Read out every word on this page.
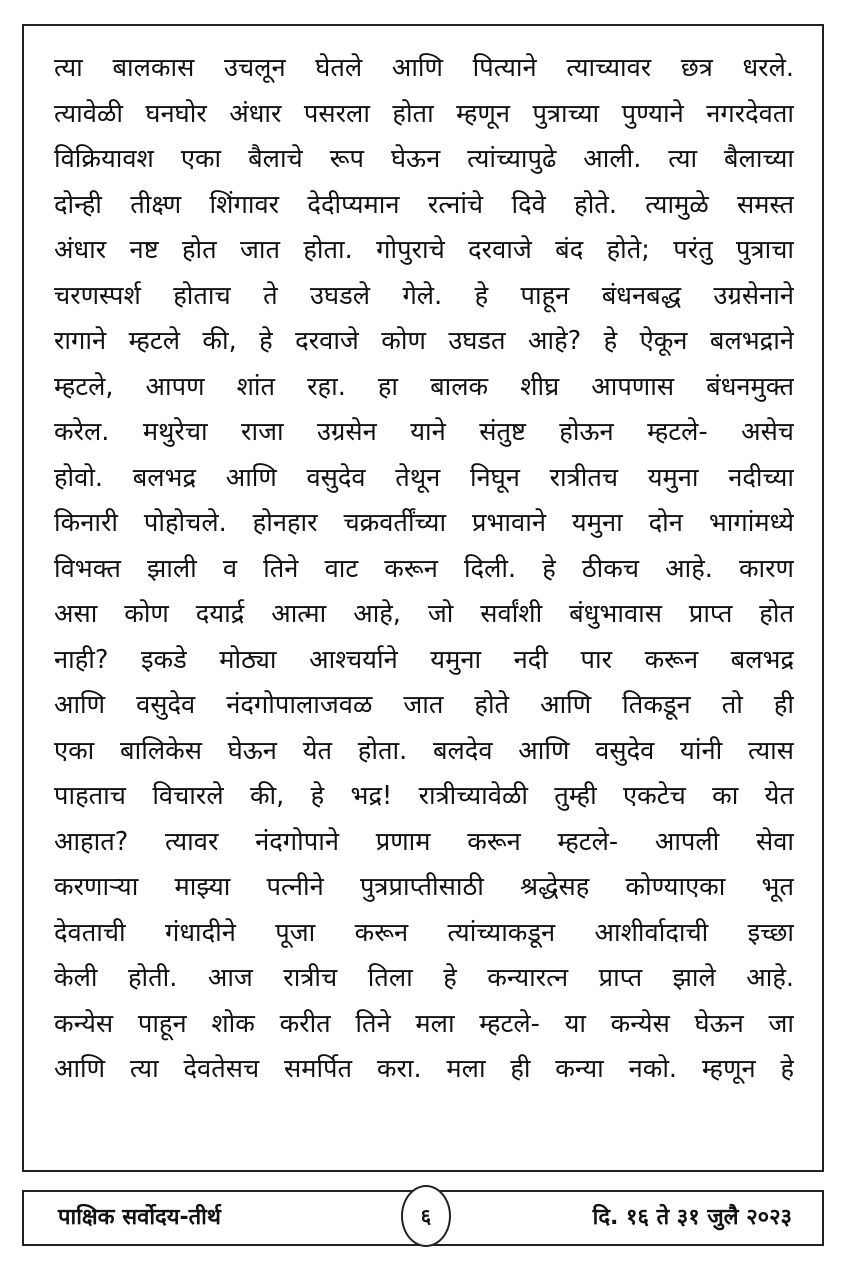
त्या बालकास उचलून घेतले आणि पित्याने त्याच्यावर छत्र धरले.
त्यावेळी घनघोर अंधार पसरला होता म्हणून पुत्राच्या पुण्याने नगरदेवता
विक्रियावश एका बैलाचे रूप घेऊन त्यांच्यापुढे आली. त्या बैलाच्या
दोन्ही तीक्ष्ण शिंगावर देदीप्यमान रत्नांचे दिवे होते. त्यामुळे समस्त
अंधार नष्ट होत जात होता. गोपुराचे दरवाजे बंद होते; परंतु पुत्राचा
चरणस्पर्श होताच ते उघडले गेले. हे पाहून बंधनबद्ध उग्रसेनाने
रागाने म्हटले की, हे दरवाजे कोण उघडत आहे? हे ऐकून बलभद्राने
म्हटले, आपण शांत रहा. हा बालक शीघ्र आपणास बंधनमुक्त
करेल. मथुरेचा राजा उग्रसेन याने संतुष्ट होऊन म्हटले- असेच
होवो. बलभद्र आणि वसुदेव तेथून निघून रात्रीतच यमुना नदीच्या
किनारी पोहोचले. होनहार चक्रवर्तींच्या प्रभावाने यमुना दोन भागांमध्ये
विभक्त झाली व तिने वाट करून दिली. हे ठीकच आहे. कारण
असा कोण दयार्द्र आत्मा आहे, जो सर्वांशी बंधुभावास प्राप्त होत
नाही? इकडे मोठ्या आश्चर्याने यमुना नदी पार करून बलभद्र
आणि वसुदेव नंदगोपालाजवळ जात होते आणि तिकडून तो ही
एका बालिकेस घेऊन येत होता. बलदेव आणि वसुदेव यांनी त्यास
पाहताच विचारले की, हे भद्र! रात्रीच्यावेळी तुम्ही एकटेच का येत
आहात? त्यावर नंदगोपाने प्रणाम करून म्हटले- आपली सेवा
करणाऱ्या माझ्या पत्नीने पुत्रप्राप्तीसाठी श्रद्धेसह कोण्याएका भूत
देवताची गंधादीने पूजा करून त्यांच्याकडून आशीर्वादाची इच्छा
केली होती. आज रात्रीच तिला हे कन्यारत्न प्राप्त झाले आहे.
कन्येस पाहून शोक करीत तिने मला म्हटले- या कन्येस घेऊन जा
आणि त्या देवतेसच समर्पित करा. मला ही कन्या नको. म्हणून हे
पाक्षिक सर्वोदय-तीर्थ	६	दि. १६ ते ३१ जुलै २०२३
